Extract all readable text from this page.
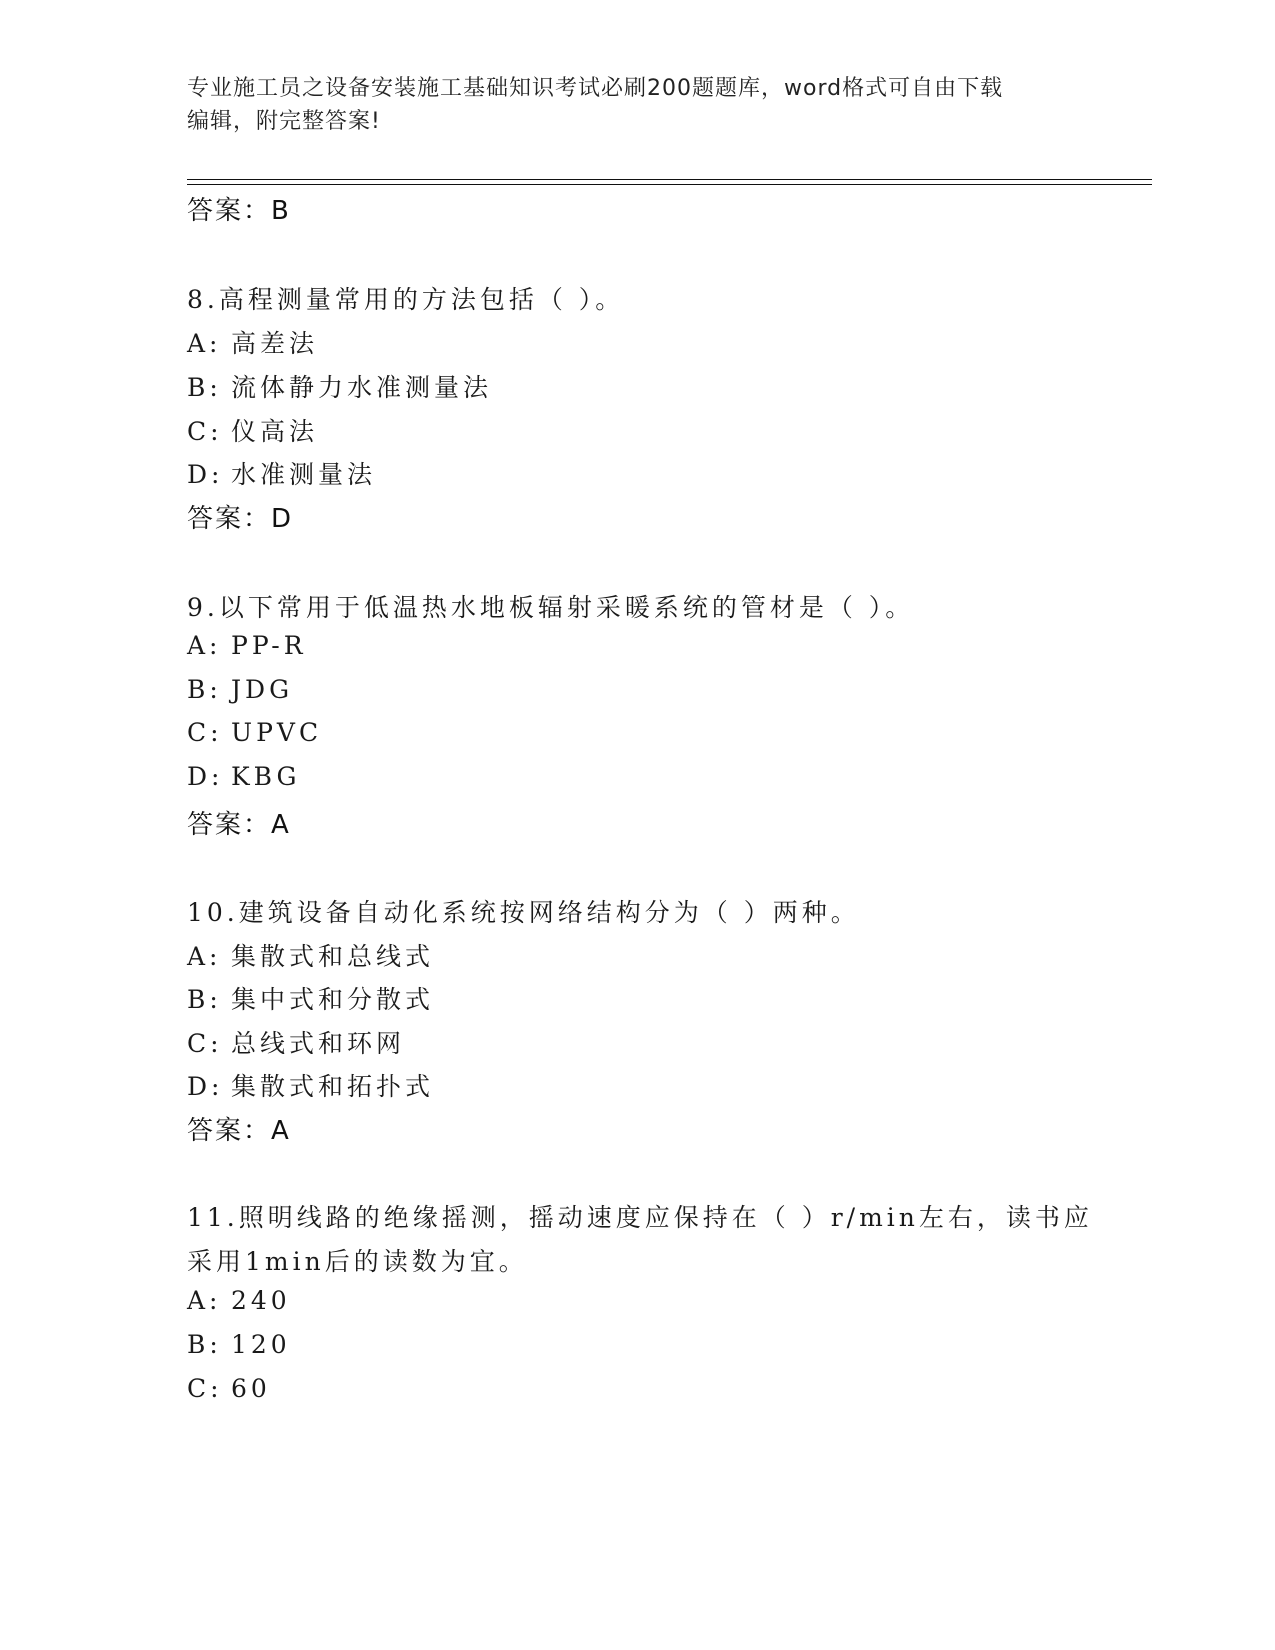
专业施工员之设备安装施工基础知识考试必刷200题题库，word格式可自由下载
编辑，附完整答案!
答案：B
8.高程测量常用的方法包括（ ）。
A: 高差法
B: 流体静力水准测量法
C: 仪高法
D: 水准测量法
答案：D
9.以下常用于低温热水地板辐射采暖系统的管材是（ ）。
A: PP-R
B: JDG
C: UPVC
D: KBG
答案：A
10.建筑设备自动化系统按网络结构分为（ ）两种。
A: 集散式和总线式
B: 集中式和分散式
C: 总线式和环网
D: 集散式和拓扑式
答案：A
11.照明线路的绝缘摇测，摇动速度应保持在（ ）r/min左右，读书应
采用1min后的读数为宜。
A: 240
B: 120
C: 60
